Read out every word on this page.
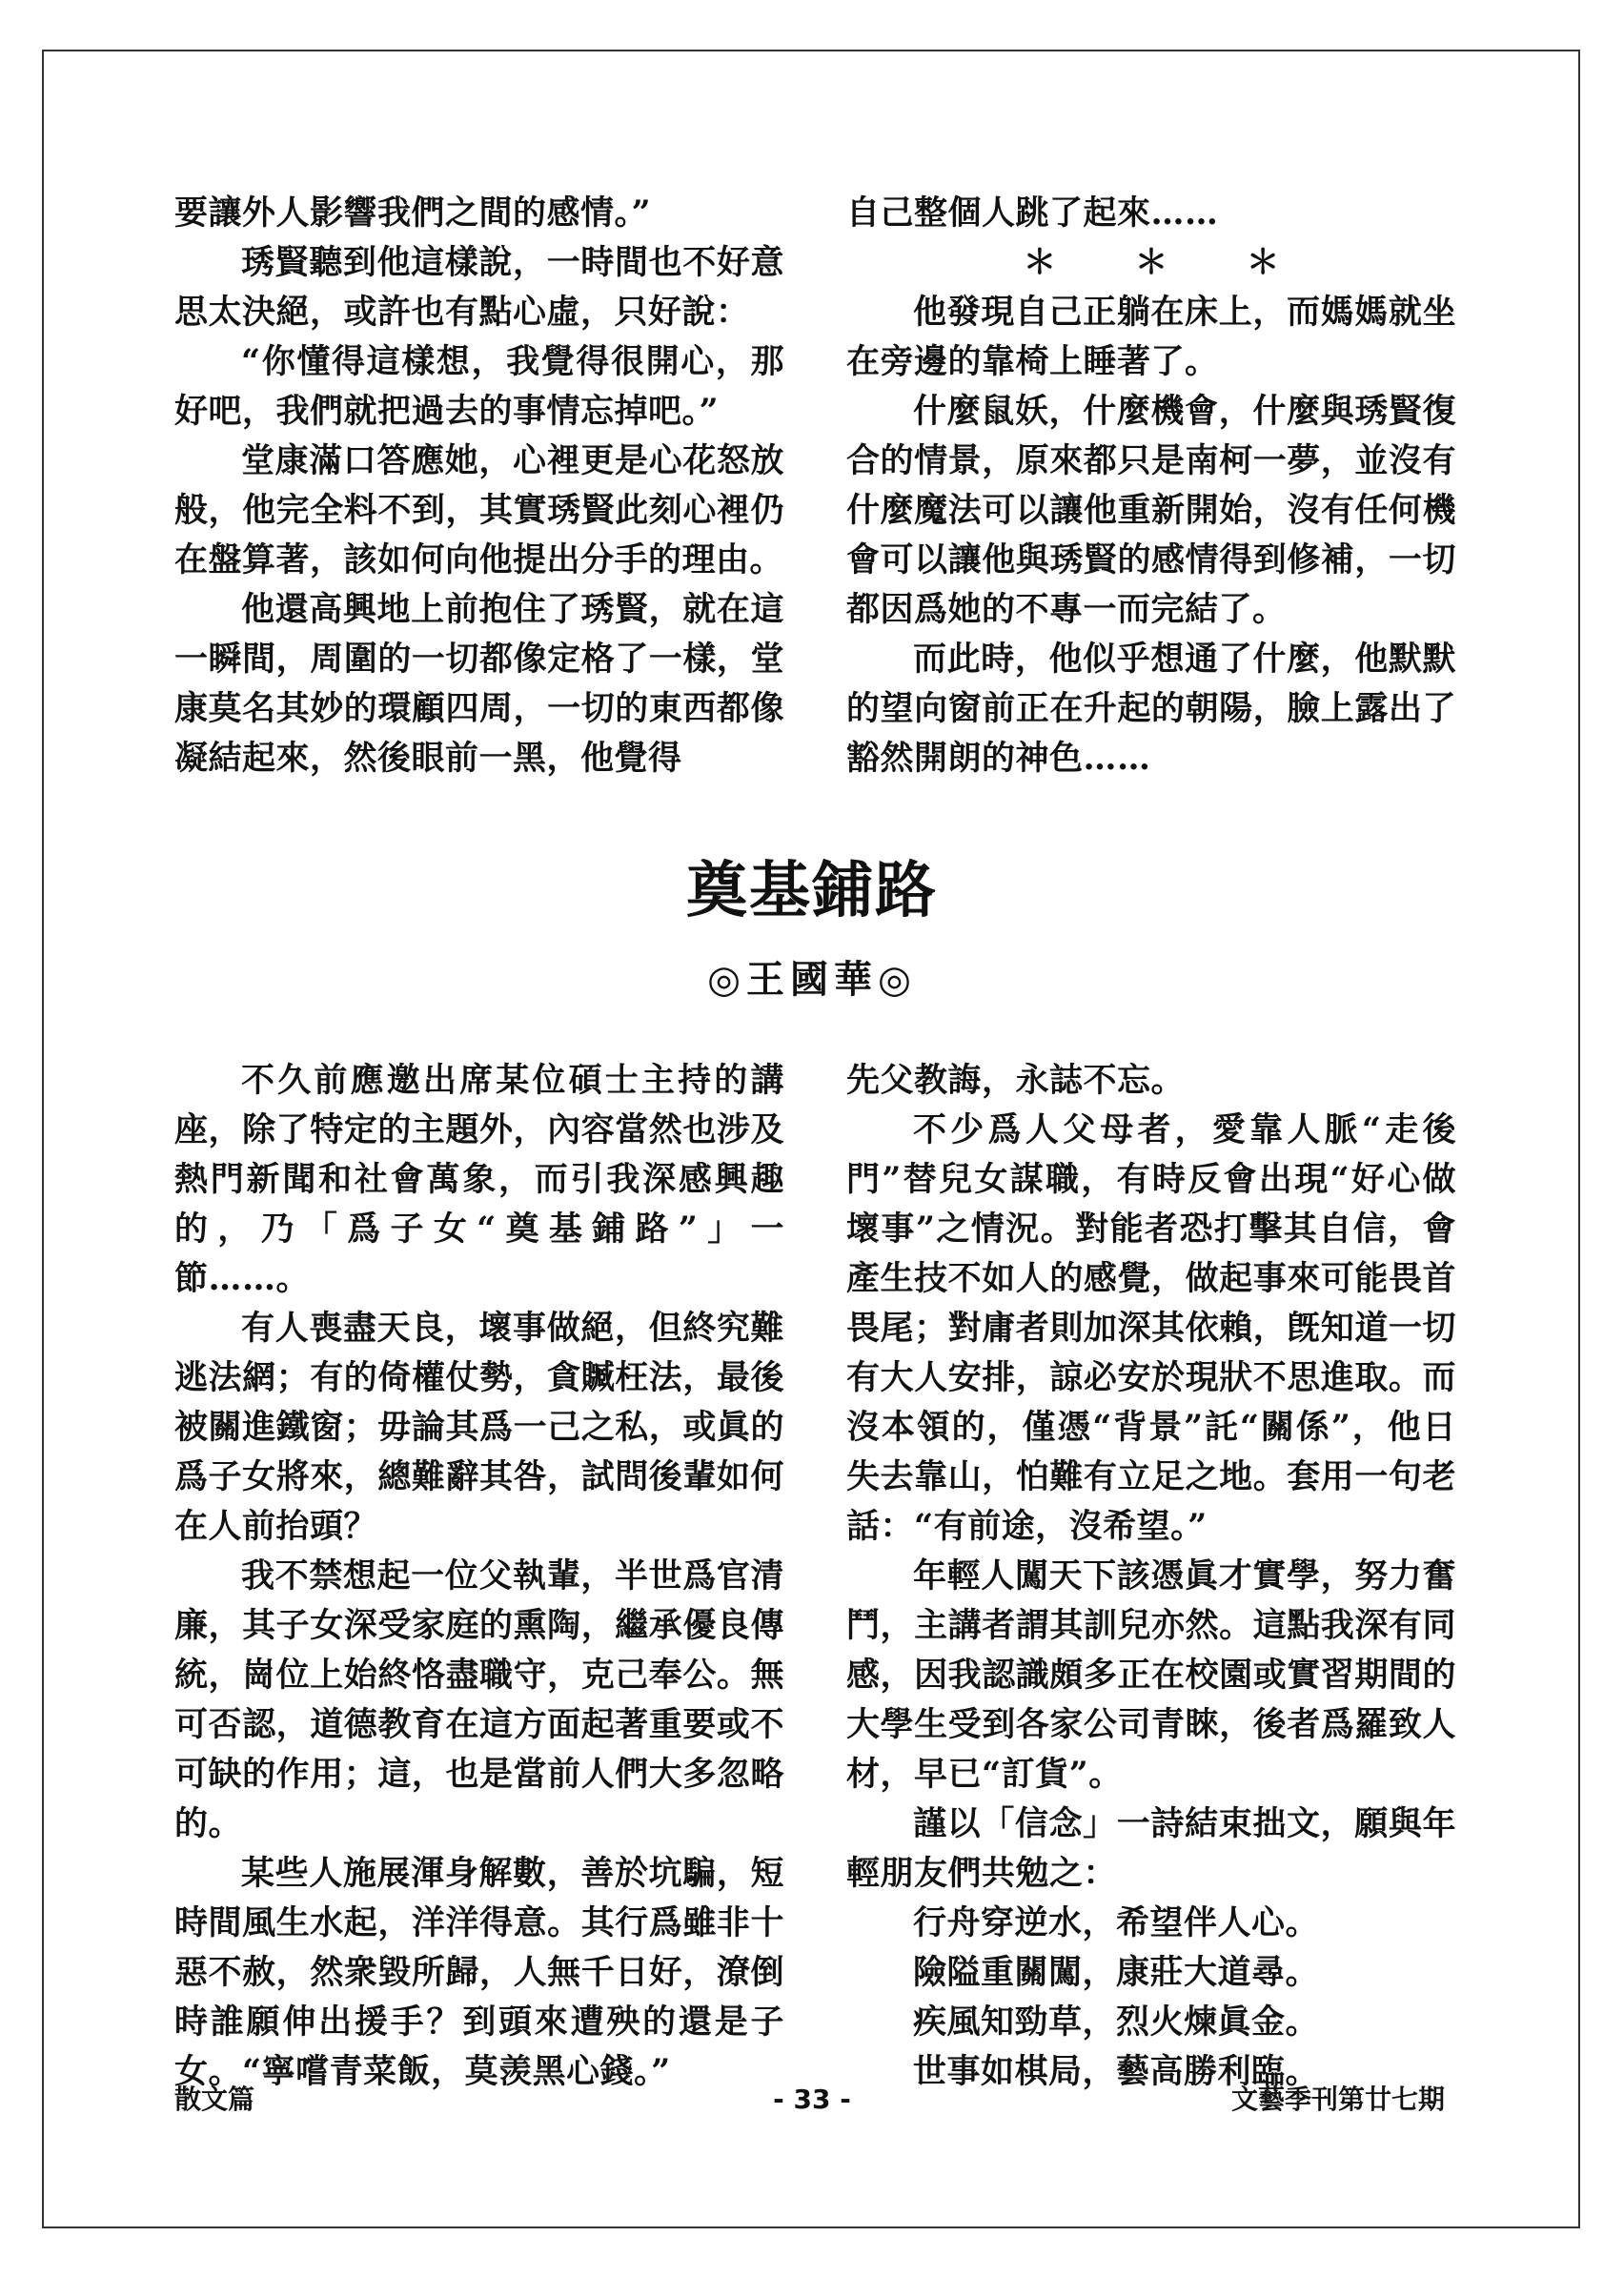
要讓外人影響我們之間的感情。”

琇賢聽到他這樣說，一時間也不好意思太決絕，或許也有點心虛，只好說：

“你懂得這樣想，我覺得很開心，那好吧，我們就把過去的事情忘掉吧。”

堂康滿口答應她，心裡更是心花怒放般，他完全料不到，其實琇賢此刻心裡仍在盤算著，該如何向他提出分手的理由。

他還高興地上前抱住了琇賢，就在這一瞬間，周圍的一切都像定格了一樣，堂康莫名其妙的環顧四周，一切的東西都像凝結起來，然後眼前一黑，他覺得

自己整個人跳了起來……

＊ ＊ ＊

他發現自己正躺在床上，而媽媽就坐在旁邊的靠椅上睡著了。

什麼鼠妖，什麼機會，什麼與琇賢復合的情景，原來都只是南柯一夢，並沒有什麼魔法可以讓他重新開始，沒有任何機會可以讓他與琇賢的感情得到修補，一切都因爲她的不專一而完結了。

而此時，他似乎想通了什麼，他默默的望向窗前正在升起的朝陽，臉上露出了豁然開朗的神色……

奠基鋪路
◎王國華◎

不久前應邀出席某位碩士主持的講座，除了特定的主題外，內容當然也涉及熱門新聞和社會萬象，而引我深感興趣的，乃「爲子女“奠基鋪路”」一節……。

有人喪盡天良，壞事做絕，但終究難逃法網；有的倚權仗勢，貪贓枉法，最後被關進鐵窗；毋論其爲一己之私，或眞的爲子女將來，總難辭其咎，試問後輩如何在人前抬頭？

我不禁想起一位父執輩，半世爲官清廉，其子女深受家庭的熏陶，繼承優良傳統，崗位上始終恪盡職守，克己奉公。無可否認，道德教育在這方面起著重要或不可缺的作用；這，也是當前人們大多忽略的。

某些人施展渾身解數，善於坑騙，短時間風生水起，洋洋得意。其行爲雖非十惡不赦，然衆毀所歸，人無千日好，潦倒時誰願伸出援手？到頭來遭殃的還是子女。“寧嚐青菜飯，莫羡黑心錢。”

先父教誨，永誌不忘。

不少爲人父母者，愛靠人脈“走後門”替兒女謀職，有時反會出現“好心做壞事”之情況。對能者恐打擊其自信，會產生技不如人的感覺，做起事來可能畏首畏尾；對庸者則加深其依賴，旣知道一切有大人安排，諒必安於現狀不思進取。而沒本領的，僅憑“背景”託“關係”，他日失去靠山，怕難有立足之地。套用一句老話：“有前途，沒希望。”

年輕人闖天下該憑眞才實學，努力奮鬥，主講者謂其訓兒亦然。這點我深有同感，因我認識頗多正在校園或實習期間的大學生受到各家公司青睞，後者爲羅致人材，早已“訂貨”。

謹以「信念」一詩結束拙文，願與年輕朋友們共勉之：

行舟穿逆水，希望伴人心。

險隘重關闖，康莊大道尋。

疾風知勁草，烈火煉眞金。

世事如棋局，藝高勝利臨。

散文篇	- 33 -	文藝季刊第廿七期
